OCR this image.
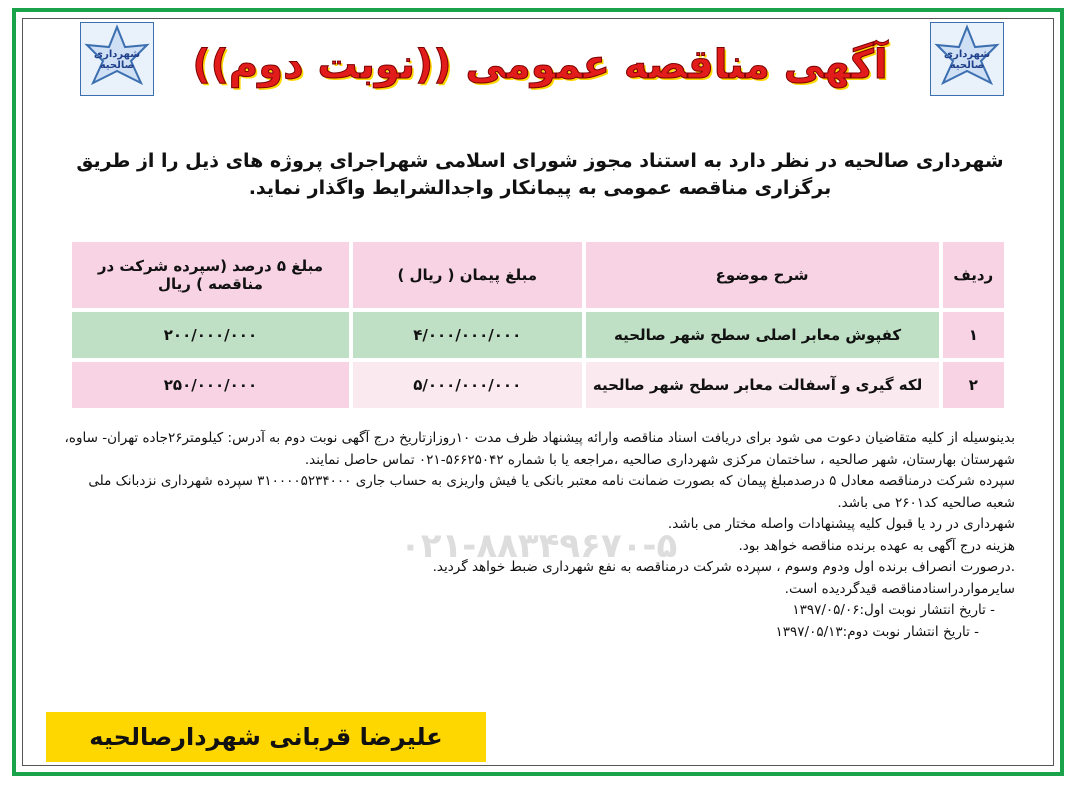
شهرداری
صالحیه
شهرداری
صالحیه
آگهی مناقصه عمومی ((نوبت دوم))
شهرداری صالحیه در نظر دارد به استناد مجوز شورای اسلامی شهراجرای پروژه های ذیل را از طریق برگزاری مناقصه عمومی به پیمانکار واجدالشرایط واگذار نماید.
ردیف	شرح موضوع	مبلغ پیمان ( ریال )	مبلغ ۵ درصد (سپرده شرکت در مناقصه ) ریال
۱	کفپوش معابر اصلی سطح شهر صالحیه	۴/۰۰۰/۰۰۰/۰۰۰	۲۰۰/۰۰۰/۰۰۰
۲	لکه گیری و آسفالت معابر سطح شهر صالحیه	۵/۰۰۰/۰۰۰/۰۰۰	۲۵۰/۰۰۰/۰۰۰
۰۲۱-۸۸۳۴۹۶۷۰-۵

بدینوسیله از کلیه متقاضیان دعوت می شود برای دریافت اسناد مناقصه وارائه پیشنهاد ظرف مدت ۱۰روزازتاریخ درج آگهی نوبت دوم به آدرس: کیلومتر۲۶جاده تهران- ساوه، شهرستان بهارستان، شهر صالحیه ، ساختمان مرکزی شهرداری صالحیه ،مراجعه یا با شماره ۵۶۶۲۵۰۴۲-۰۲۱ تماس حاصل نمایند.

سپرده شرکت درمناقصه معادل ۵ درصدمبلغ پیمان که بصورت ضمانت نامه معتبر بانکی یا فیش واریزی به حساب جاری ۳۱۰۰۰۰۵۲۳۴۰۰۰ سپرده شهرداری نزدبانک ملی شعبه صالحیه کد۲۶۰۱ می باشد.

شهرداری در رد یا قبول کلیه پیشنهادات واصله مختار می باشد.

هزینه درج آگهی به عهده برنده مناقصه خواهد بود.

.درصورت انصراف برنده اول ودوم وسوم ، سپرده شرکت درمناقصه به نفع شهرداری ضبط خواهد گردید.

سایرمواردراسنادمناقصه قیدگردیده است.

- تاریخ انتشار نوبت اول:۱۳۹۷/۰۵/۰۶

- تاریخ انتشار نوبت دوم:۱۳۹۷/۰۵/۱۳

علیرضا قربانی شهردارصالحیه
